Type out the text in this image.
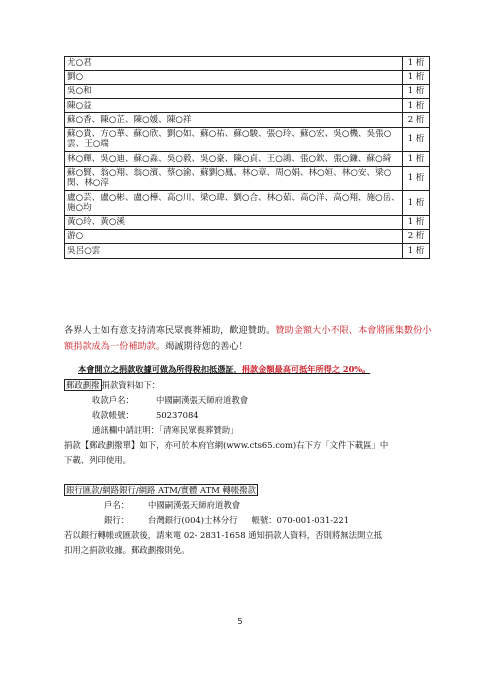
尤○君	1 桁
劉○	1 桁
吳○和	1 桁
陳○益	1 桁
蘇○香、陳○芷、陳○媛、陳○祥	2 桁
蘇○貴、方○華、蘇○欣、劉○如、蘇○祐、蘇○駿、張○玲、蘇○宏、吳○機、吳張○雲、王○端	1 桁
林○輝、吳○迪、蘇○淼、吳○毅、吳○豪、陳○貞、王○鴻、張○欽、張○鎌、蘇○綺	1 桁
蘇○賢、翁○翔、翁○濱、蔡○渝、蘇劉○鳳、林○章、周○娟、林○姮、林○安、梁○閔、林○淳	1 桁
盧○芸、盧○彬、盧○樺、高○川、梁○瑋、劉○合、林○茹、高○洋、高○翔、施○岳、施○均	1 桁
黃○玲、黃○溪	1 桁
游○	2 桁
吳呂○雲	1 桁
各界人士如有意支持清寒民眾喪葬補助，歡迎贊助。贊助金額大小不限、本會將匯集數份小額捐款成為一份補助款。竭誠期待您的善心！
本會開立之捐款收據可做為所得稅扣抵憑証，捐款金額最高可抵年所得之 20%。
郵政劃撥 捐款資料如下：
收款戶名：	中國嗣漢張天師府道教會
收款帳號：	50237084
通訊欄中請註明：「清寒民眾喪葬贊助」
捐款【郵政劃撥單】如下，亦可於本府官網(www.cts65.com)右下方「文件下載區」中
下載、列印使用。
銀行匯款/網路銀行/網路 ATM/實體 ATM 轉帳撥款
戶名： 中國嗣漢張天師府道教會
銀行： 台灣銀行(004)士林分行 帳號：070-001-031-221
若以銀行轉帳或匯款後，請來電 02- 2831-1658 通知捐款人資料，否則將無法開立抵
扣用之捐款收據。郵政劃撥則免。
5
